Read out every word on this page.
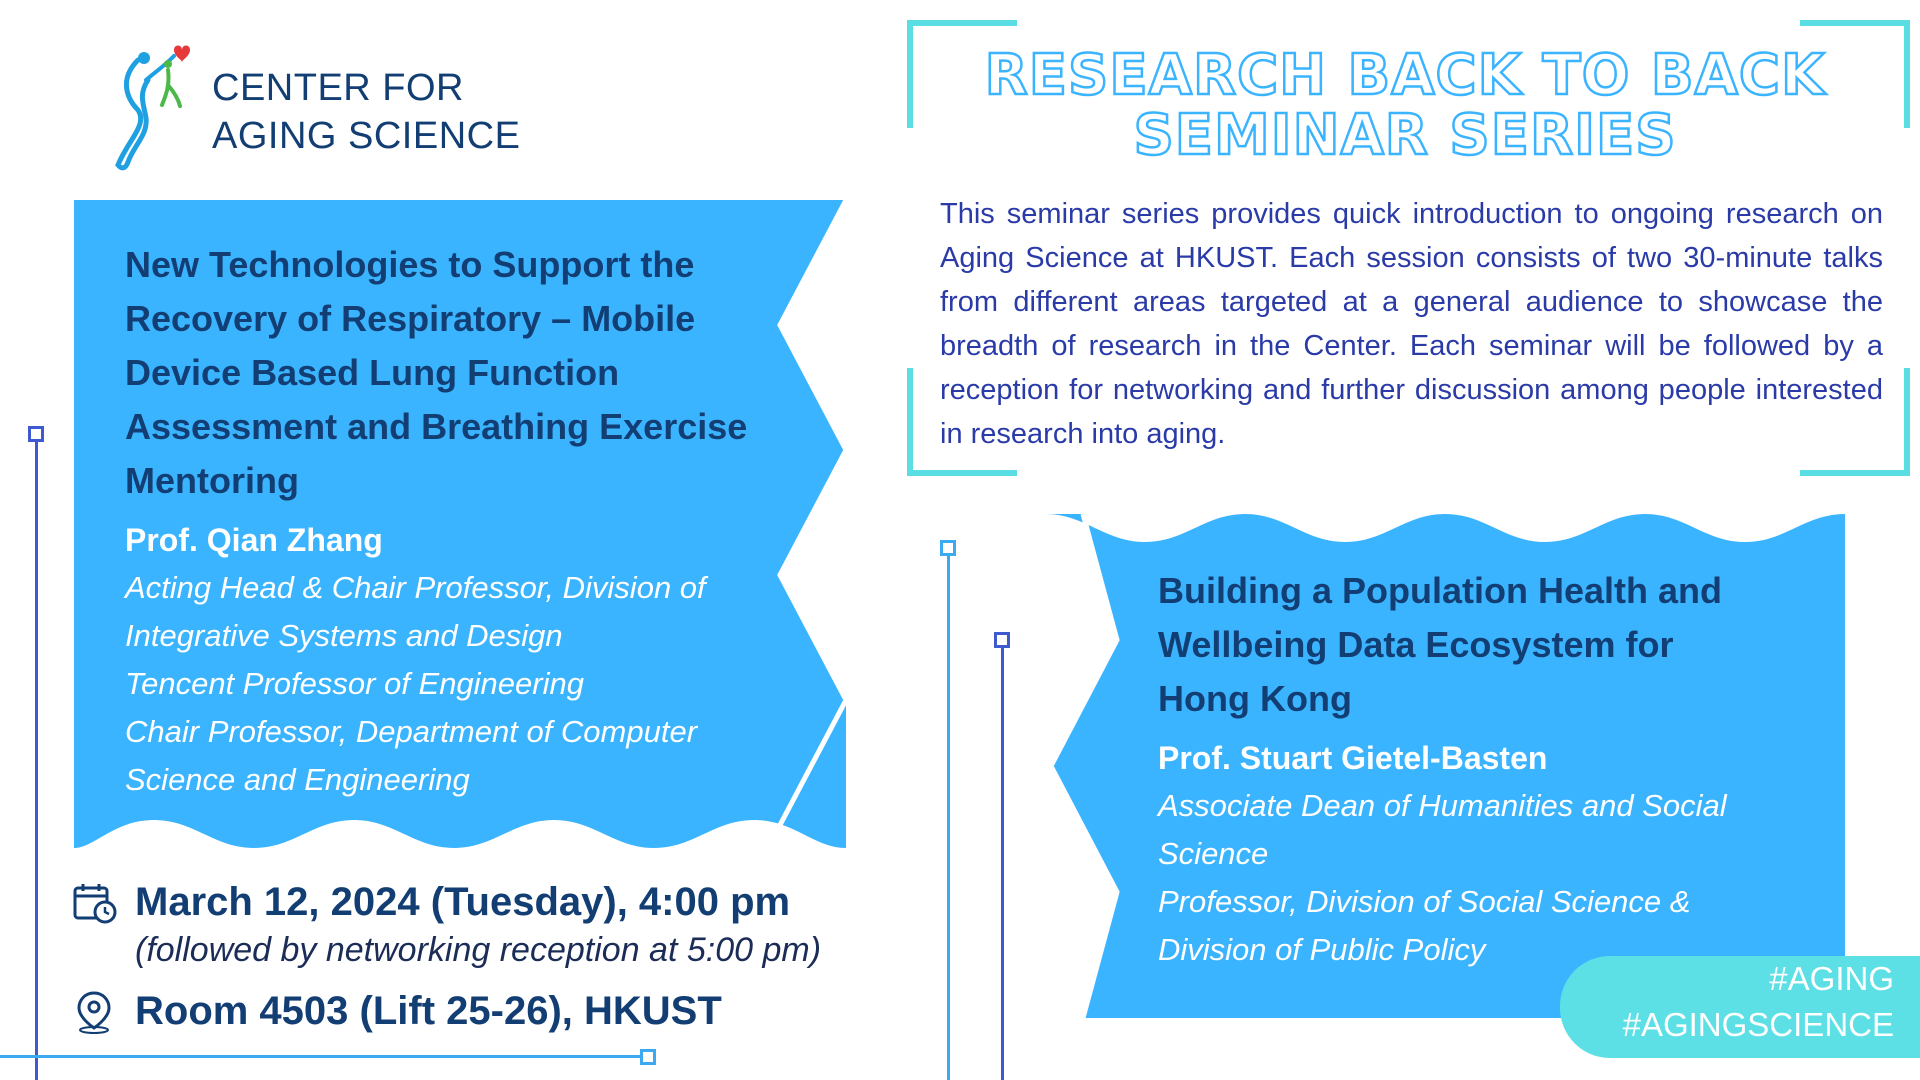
CENTER FOR
AGING SCIENCE
RESEARCH BACK TO BACK
SEMINAR SERIES
This seminar series provides quick introduction to ongoing research on Aging Science at HKUST. Each session consists of two 30-minute talks from different areas targeted at a general audience to showcase the breadth of research in the Center. Each seminar will be followed by a reception for networking and further discussion among people interested in research into aging.
New Technologies to Support the Recovery of Respiratory – Mobile Device Based Lung Function Assessment and Breathing Exercise Mentoring
Prof. Qian Zhang
Acting Head & Chair Professor, Division of Integrative Systems and Design
Tencent Professor of Engineering
Chair Professor, Department of Computer Science and Engineering
Building a Population Health and Wellbeing Data Ecosystem for Hong Kong
Prof. Stuart Gietel-Basten
Associate Dean of Humanities and Social Science
Professor, Division of Social Science & Division of Public Policy
March 12, 2024 (Tuesday), 4:00 pm
(followed by networking reception at 5:00 pm)
Room 4503 (Lift 25-26), HKUST
#AGING
#AGINGSCIENCE
